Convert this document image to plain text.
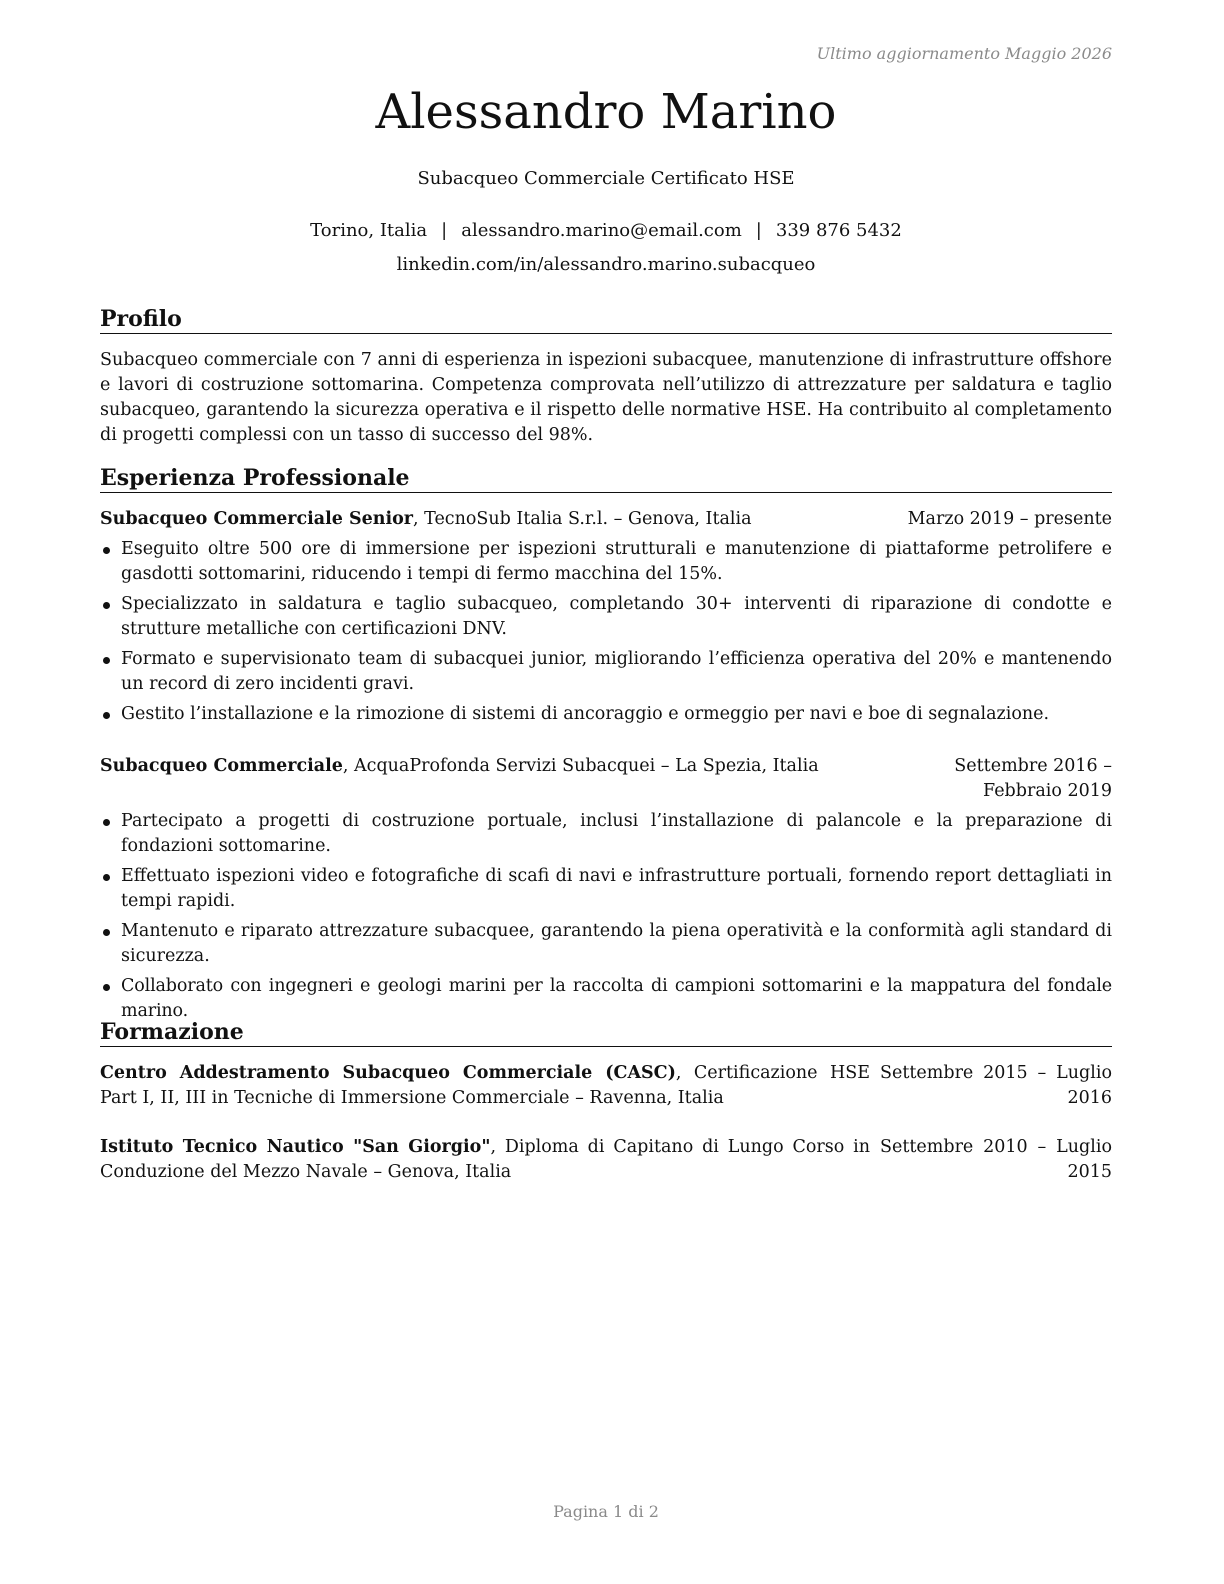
Ultimo aggiornamento Maggio 2026
Alessandro Marino
Subacqueo Commerciale Certificato HSE
Torino, Italia | alessandro.marino@email.com | 339 876 5432
linkedin.com/in/alessandro.marino.subacqueo
Profilo

Subacqueo commerciale con 7 anni di esperienza in ispezioni subacquee, manutenzione di infrastrutture offshore e lavori di costruzione sottomarina. Competenza comprovata nell’utilizzo di attrezzature per saldatura e taglio subacqueo, garantendo la sicurezza operativa e il rispetto delle normative HSE. Ha contribuito al completamento di progetti complessi con un tasso di successo del 98%.

Esperienza Professionale
Subacqueo Commerciale Senior, TecnoSub Italia S.r.l. – Genova, Italia	Marzo 2019 – presente
Eseguito oltre 500 ore di immersione per ispezioni strutturali e manutenzione di piattaforme petrolifere e gasdotti sottomarini, riducendo i tempi di fermo macchina del 15%.
Specializzato in saldatura e taglio subacqueo, completando 30+ interventi di riparazione di condotte e strutture metalliche con certificazioni DNV.
Formato e supervisionato team di subacquei junior, migliorando l’efficienza operativa del 20% e mantenendo un record di zero incidenti gravi.
Gestito l’installazione e la rimozione di sistemi di ancoraggio e ormeggio per navi e boe di segnalazione.
Subacqueo Commerciale, AcquaProfonda Servizi Subacquei – La Spezia, Italia	Settembre 2016 – Febbraio 2019
Partecipato a progetti di costruzione portuale, inclusi l’installazione di palancole e la preparazione di fondazioni sottomarine.
Effettuato ispezioni video e fotografiche di scafi di navi e infrastrutture portuali, fornendo report dettagliati in tempi rapidi.
Mantenuto e riparato attrezzature subacquee, garantendo la piena operatività e la conformità agli standard di sicurezza.
Collaborato con ingegneri e geologi marini per la raccolta di campioni sottomarini e la mappatura del fondale marino.
Formazione
Centro Addestramento Subacqueo Commerciale (CASC), Certificazione HSE Part I, II, III in Tecniche di Immersione Commerciale – Ravenna, Italia
Settembre 2015 – Luglio 2016
Istituto Tecnico Nautico "San Giorgio", Diploma di Capitano di Lungo Corso in Conduzione del Mezzo Navale – Genova, Italia
Settembre 2010 – Luglio 2015
Pagina 1 di 2
